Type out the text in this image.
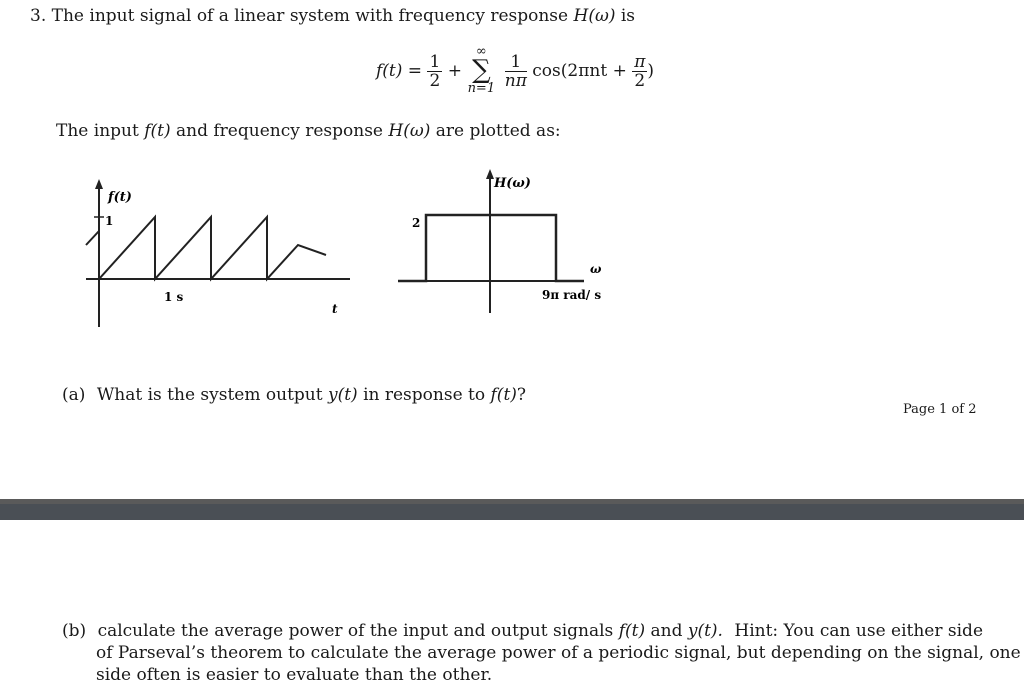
3. The input signal of a linear system with frequency response H(ω) is
$f(t) = \frac{1}{2}$ +
∞
∑
n=1
$\frac{1}{n\pi} \cos(2\pi nt + \frac{\pi}{2}$ )
The input f(t) and frequency response H(ω) are plotted as:
f(t)
1
1 s
t
H(ω)
2
ω
9π rad/ s
(a) What is the system output y(t) in response to f(t)?
Page 1 of 2
(b) calculate the average power of the input and output signals f(t) and y(t). Hint: You can use either side
of Parseval’s theorem to calculate the average power of a periodic signal, but depending on the signal, one
side often is easier to evaluate than the other.
